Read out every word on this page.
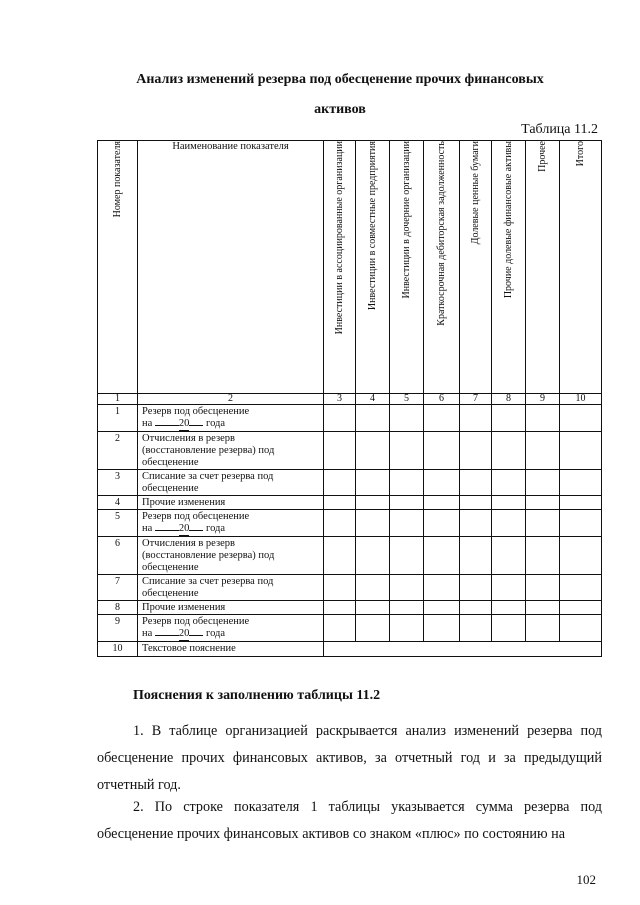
Анализ изменений резерва под обесценение прочих финансовых
активов
Таблица 11.2
Номер показателя	Наименование показателя	Инвестиции в ассоциированные организации	Инвестиции в совместные предприятия	Инвестиции в дочерние организации	Краткосрочная дебиторская задолженность	Долевые ценные бумаги	Прочие долевые финансовые активы	Прочее	Итого

1	2	3	4	5	6	7	8	9	10
1	Резерв под обесценение
на 20 года								

2	Отчисления в резерв
(восстановление резерва) под
обесценение								

3	Списание за счет резерва под
обесценение								

4	Прочие изменения								

5	Резерв под обесценение
на 20 года								

6	Отчисления в резерв
(восстановление резерва) под
обесценение								

7	Списание за счет резерва под
обесценение								

8	Прочие изменения								

9	Резерв под обесценение
на 20 года								

10	Текстовое пояснение								
Пояснения к заполнению таблицы 11.2
1. В таблице организацией раскрывается анализ изменений резерва под обесценение прочих финансовых активов, за отчетный год и за предыдущий отчетный год.
2. По строке показателя 1 таблицы указывается сумма резерва под обесценение прочих финансовых активов со знаком «плюс» по состоянию на
102
